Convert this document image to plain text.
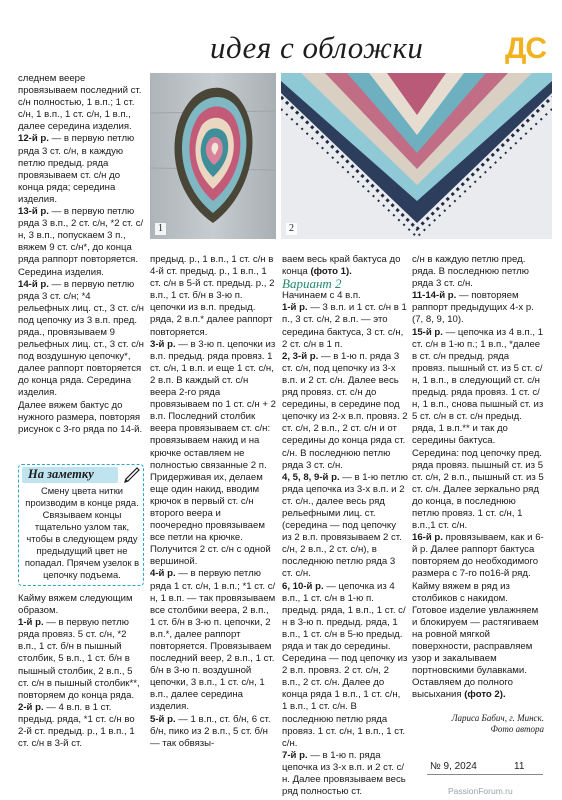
идея с обложки	ДС

следнем веере провязываем последний ст. с/н полностью, 1 в.п.; 1 ст. с/н, 1 в.п., 1 ст. с/н, 1 в.п., далее середина изделия.

12-й р. — в первую петлю ряда 3 ст. с/н, в каждую петлю предыд. ряда провязываем ст. с/н до конца ряда; середина изделия.

13-й р. — в первую петлю ряда 3 в.п., 2 ст. с/н, *2 ст. с/н, 3 в.п., попускаем 3 п., вяжем 9 ст. с/н*, до конца ряда раппорт повторяется. Середина изделия.

14-й р. — в первую петлю ряда 3 ст. с/н; *4 рельефных лиц. ст., 3 ст. с/н под цепочку из 3 в.п. пред. ряда., провязываем 9 рельефных лиц. ст., 3 ст. с/н под воздушную цепочку*, далее раппорт повторяется до конца ряда. Середина изделия.

Далее вяжем бактус до нужного размера, повторяя рисунок с 3-го ряда по 14-й.

На заметку
Смену цвета нитки производим в конце ряда. Связываем концы тщательно узлом так, чтобы в следующем ряду предыдущий цвет не попадал. Прячем узелок в цепочку подъема.

Кайму вяжем следующим образом.

1-й р. — в первую петлю ряда провяз. 5 ст. с/н, *2 в.п., 1 ст. б/н в пышный столбик, 5 в.п., 1 ст. б/н в пышный столбик, 2 в.п., 5 ст. с/н в пышный столбик**, повторяем до конца ряда.

2-й р. — 4 в.п. в 1 ст. предыд. ряда, *1 ст. с/н во 2-й ст. предыд. р., 1 в.п., 1 ст. с/н в 3-й ст.

1	2

предыд. р., 1 в.п., 1 ст. с/н в 4-й ст. предыд. р., 1 в.п., 1 ст. с/н в 5-й ст. предыд. р., 2 в.п., 1 ст. б/н в 3-ю п. цепочки из в.п. предыд. ряда, 2 в.п.* далее раппорт повторяется.

3-й р. — в 3-ю п. цепочки из в.п. предыд. ряда провяз. 1 ст. с/н, 1 в.п. и еще 1 ст. с/н, 2 в.п. В каждый ст. с/н веера 2-го ряда провязываем по 1 ст. с/н + 2 в.п. Последний столбик веера провязываем ст. с/н: провязываем накид и на крючке оставляем не полностью связанные 2 п. Придерживая их, делаем еще один накид, вводим крючок в первый ст. с/н второго веера и поочередно провязываем все петли на крючке. Получится 2 ст. с/н с одной вершиной.

4-й р. — в первую петлю ряда 1 ст. с/н, 1 в.п.; *1 ст. с/н, 1 в.п. — так провязываем все столбики веера, 2 в.п., 1 ст. б/н в 3-ю п. цепочки, 2 в.п.*, далее раппорт повторяется. Провязываем последний веер, 2 в.п., 1 ст. б/н в 3-ю п. воздушной цепочки, 3 в.п., 1 ст. с/н, 1 в.п., далее середина изделия.

5-й р. — 1 в.п., ст. б/н, 6 ст. б/н, пико из 2 в.п., 5 ст. б/н — так обвязы-

ваем весь край бактуса до конца (фото 1).

Вариант 2

Начинаем с 4 в.п.

1-й р. — 3 в.п. и 1 ст. с/н в 1 п., 3 ст. с/н, 2 в.п. — это середина бактуса, 3 ст. с/н, 2 ст. с/н в 1 п.

2, 3-й р. — в 1-ю п. ряда 3 ст. с/н, под цепочку из 3-х в.п. и 2 ст. с/н. Далее весь ряд провяз. ст. с/н до середины, в середине под цепочку из 2-х в.п. провяз. 2 ст. с/н, 2 в.п., 2 ст. с/н и от середины до конца ряда ст. с/н. В последнюю петлю ряда 3 ст. с/н.

4, 5, 8, 9-й р. — в 1-ю петлю ряда цепочка из 3-х в.п. и 2 ст. с/н., далее весь ряд рельефными лиц. ст. (середина — под цепочку из 2 в.п. провязываем 2 ст. с/н, 2 в.п., 2 ст. с/н), в последнюю петлю ряда 3 ст. с/н.

6, 10-й р. — цепочка из 4 в.п., 1 ст. с/н в 1-ю п. предыд. ряда, 1 в.п., 1 ст. с/н в 3-ю п. предыд. ряда, 1 в.п., 1 ст. с/н в 5-ю предыд. ряда и так до середины. Середина — под цепочку из 2 в.п. провяз. 2 ст. с/н, 2 в.п., 2 ст. с/н. Далее до конца ряда 1 в.п., 1 ст. с/н, 1 в.п., 1 ст. с/н. В последнюю петлю ряда провяз. 1 ст. с/н, 1 в.п., 1 ст. с/н.

7-й р. — в 1-ю п. ряда цепочка из 3-х в.п. и 2 ст. с/н. Далее провязываем весь ряд полностью ст.

с/н в каждую петлю пред. ряда. В последнюю петлю ряда 3 ст. с/н.

11-14-й р. — повторяем раппорт предыдущих 4-х р. (7, 8, 9, 10).

15-й р. — цепочка из 4 в.п., 1 ст. с/н в 1-ю п.; 1 в.п., *далее в ст. с/н предыд. ряда провяз. пышный ст. из 5 ст. с/н, 1 в.п., в следующий ст. с/н предыд. ряда провяз. 1 ст. с/н, 1 в.п., снова пышный ст. из 5 ст. с/н в ст. с/н предыд. ряда, 1 в.п.** и так до середины бактуса. Середина: под цепочку пред. ряда провяз. пышный ст. из 5 ст. с/н, 2 в.п., пышный ст. из 5 ст. с/н. Далее зеркально ряд до конца, в последнюю петлю провяз. 1 ст. с/н, 1 в.п.,1 ст. с/н.

16-й р. провязываем, как и 6-й р. Далее раппорт бактуса повторяем до необходимого размера с 7-го по16-й ряд. Кайму вяжем в ряд из столбиков с накидом.

Готовое изделие увлажняем и блокируем — растягиваем на ровной мягкой поверхности, расправляем узор и закалываем портновскими булавками. Оставляем до полного высыхания (фото 2).

Лариса Бабич, г. Минск.
Фото автора
№ 9, 2024	11
PassionForum.ru
